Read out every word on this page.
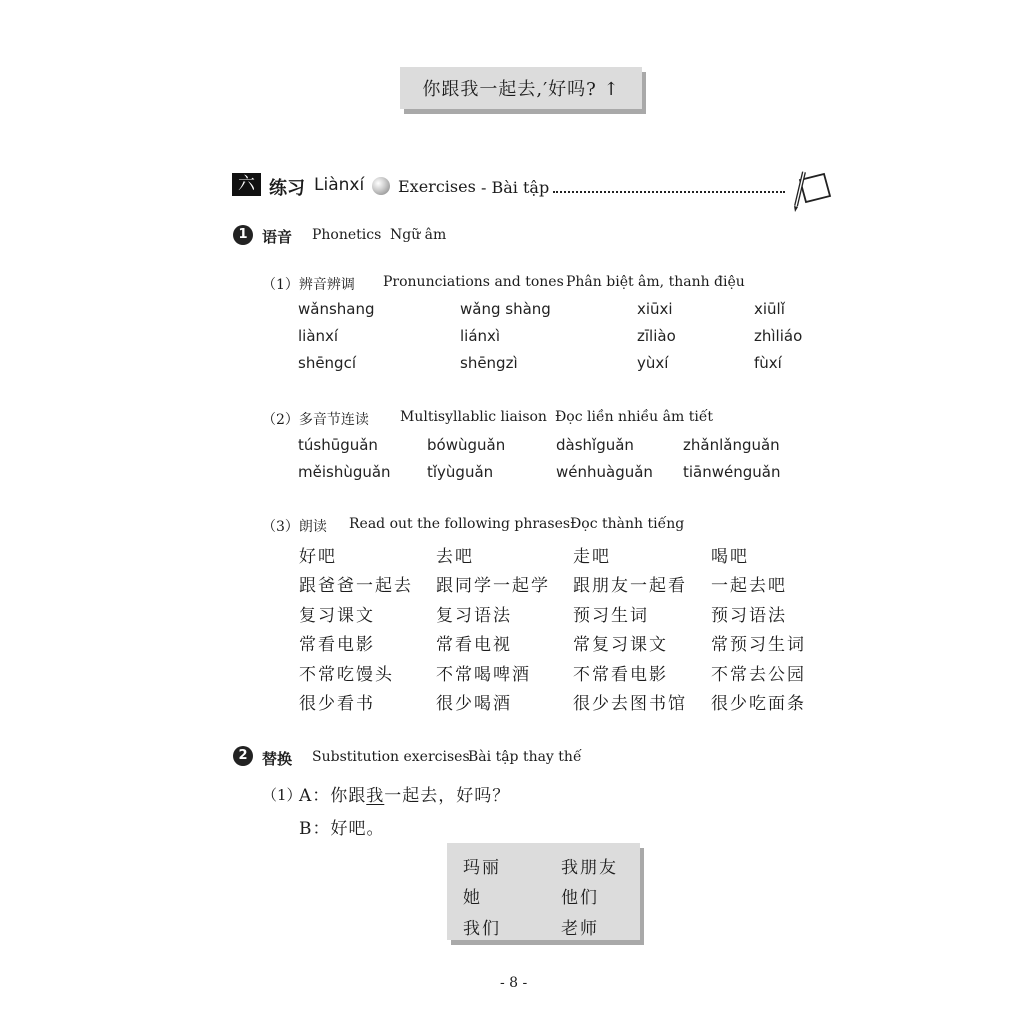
你跟我一起去,′好吗? ↑
六 练习 Liànxí Exercises - Bài tập
1 语音 Phonetics Ngữ âm
（1）辨音辨调 Pronunciations and tones Phân biệt âm, thanh điệu
wǎnshang	wǎng shàng	xiūxi	xiūlǐ
liànxí	liánxì	zīliào	zhìliáo
shēngcí	shēngzì	yùxí	fùxí
（2）多音节连读 Multisyllablic liaison Đọc liền nhiều âm tiết
túshūguǎn	bówùguǎn	dàshǐguǎn	zhǎnlǎnguǎn
měishùguǎn tǐyùguǎn	wénhuàguǎn tiānwénguǎn
（3）朗读 Read out the following phrases Đọc thành tiếng
好吧	去吧	走吧	喝吧
跟爸爸一起去 跟同学一起学 跟朋友一起看 一起去吧
复习课文	复习语法	预习生词	预习语法
常看电影	常看电视	常复习课文	常预习生词
不常吃馒头 不常喝啤酒 不常看电影	不常去公园
很少看书	很少喝酒	很少去图书馆 很少吃面条
2 替换 Substitution exercises
Bài tập thay thế
（1）
A：你跟我一起去，好吗？
B：好吧。
玛丽	我朋友
她	他们
我们	老师
- 8 -
